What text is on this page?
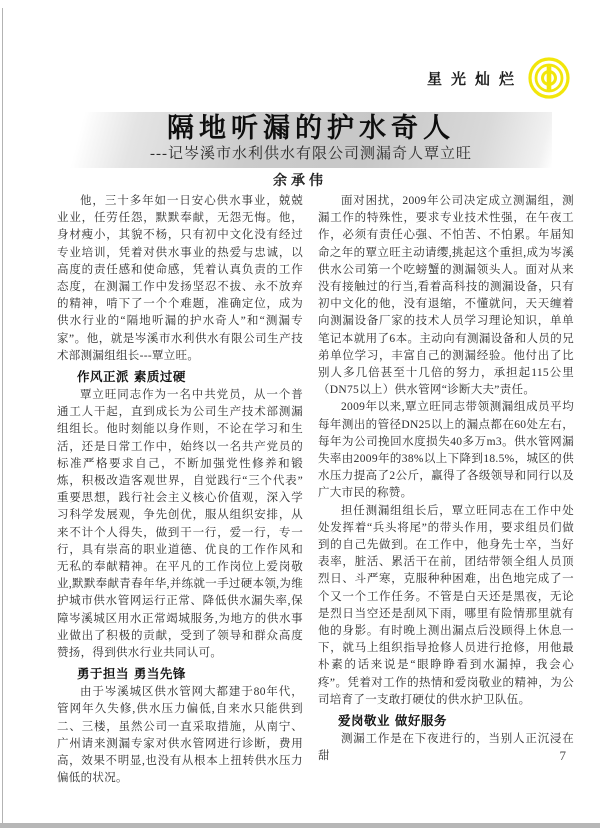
星光灿烂
隔地听漏的护水奇人
---记岑溪市水利供水有限公司测漏奇人覃立旺
余承伟
他，三十多年如一日安心供水事业，兢兢业业，任劳任怨，默默奉献，无怨无悔。他，身材瘦小，其貌不杨，只有初中文化没有经过专业培训，凭着对供水事业的热爱与忠诚，以高度的责任感和使命感，凭着认真负责的工作态度，在测漏工作中发扬坚忍不拔、永不放弃的精神，啃下了一个个难题，准确定位，成为供水行业的“隔地听漏的护水奇人”和“测漏专家”。他，就是岑溪市水利供水有限公司生产技术部测漏组组长---覃立旺。
作风正派 素质过硬
覃立旺同志作为一名中共党员，从一个普通工人干起，直到成长为公司生产技术部测漏组组长。他时刻能以身作则，不论在学习和生活，还是日常工作中，始终以一名共产党员的标准严格要求自己，不断加强党性修养和锻炼，积极改造客观世界，自觉践行“三个代表”重要思想，践行社会主义核心价值观，深入学习科学发展观，争先创优，服从组织安排，从来不计个人得失，做到干一行，爱一行，专一行，具有崇高的职业道德、优良的工作作风和无私的奉献精神。在平凡的工作岗位上爱岗敬业,默默奉献青春年华,并练就一手过硬本领,为维护城市供水管网运行正常、降低供水漏失率,保障岑溪城区用水正常竭城服务,为地方的供水事业做出了积极的贡献，受到了领导和群众高度赞扬，得到供水行业共同认可。
勇于担当 勇当先锋
由于岑溪城区供水管网大都建于80年代，管网年久失修,供水压力偏低,自来水只能供到二、三楼，虽然公司一直采取措施，从南宁、广州请来测漏专家对供水管网进行诊断，费用高，效果不明显,也没有从根本上扭转供水压力偏低的状况。
面对困扰，2009年公司决定成立测漏组，测漏工作的特殊性，要求专业技术性强，在午夜工作，必须有责任心强、不怕苦、不怕累。年届知命之年的覃立旺主动请缨,挑起这个重担,成为岑溪供水公司第一个吃螃蟹的测漏领头人。面对从来没有接触过的行当,看着高科技的测漏设备，只有初中文化的他，没有退缩，不懂就问，天天缠着向测漏设备厂家的技术人员学习理论知识，单单笔记本就用了6本。主动向有测漏设备和人员的兄弟单位学习，丰富自己的测漏经验。他付出了比别人多几倍甚至十几倍的努力，承担起115公里（DN75以上）供水管网“诊断大夫”责任。
2009年以来,覃立旺同志带领测漏组成员平均每年测出的管径DN25以上的漏点都在60处左右，每年为公司挽回水度损失40多万m3。供水管网漏失率由2009年的38%以上下降到18.5%，城区的供水压力提高了2公斤，赢得了各级领导和同行以及广大市民的称赞。
担任测漏组组长后，覃立旺同志在工作中处处发挥着“兵头将尾”的带头作用，要求组员们做到的自己先做到。在工作中，他身先士卒，当好表率，脏活、累活干在前，团结带领全组人员顶烈日、斗严寒，克服种种困难，出色地完成了一个又一个工作任务。不管是白天还是黑夜，无论是烈日当空还是刮风下雨，哪里有险情那里就有他的身影。有时晚上测出漏点后没顾得上休息一下，就马上组织指导抢修人员进行抢修，用他最朴素的话来说是“眼睁睁看到水漏掉，我会心疼”。凭着对工作的热情和爱岗敬业的精神，为公司培育了一支敢打硬仗的供水护卫队伍。
爱岗敬业 做好服务
测漏工作是在下夜进行的，当别人正沉浸在甜	7
